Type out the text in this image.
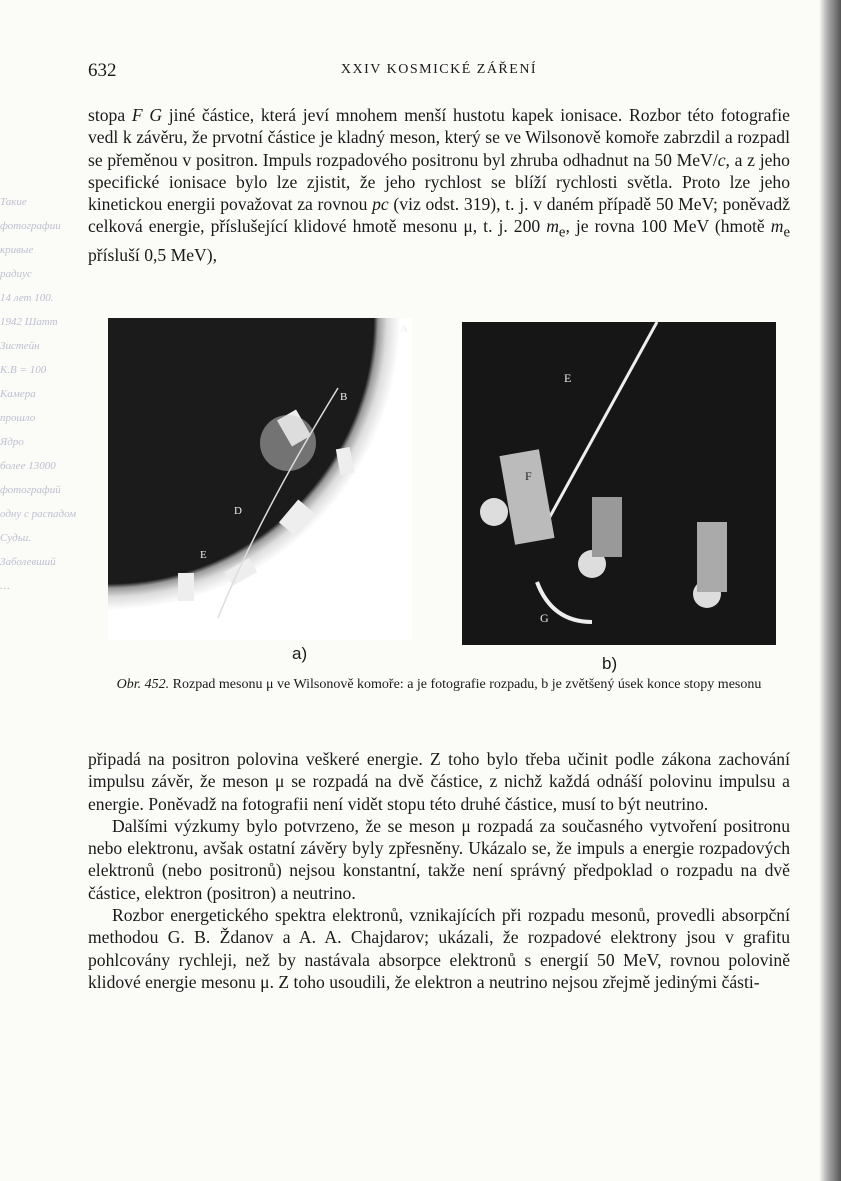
632	XXIV KOSMICKÉ ZÁŘENÍ
Такие
фотографии
кривые
радиус
14 лет 100.
1942 Шатт
Зистейн
К.В = 100
Камера
прошло
Ядро
более 13000
фотографий
одну с распадом
Судьи.
Заболевший
…

stopa F G jiné částice, která jeví mnohem menší hustotu kapek ionisace. Rozbor této fotografie vedl k závěru, že prvotní částice je kladný meson, který se ve Wilsonově komoře zabrzdil a rozpadl se přeměnou v positron. Impuls rozpadového positronu byl zhruba odhadnut na 50 MeV/c, a z jeho specifické ionisace bylo lze zjistit, že jeho rychlost se blíží rychlosti světla. Proto lze jeho kinetickou energii považovat za rovnou pc (viz odst. 319), t. j. v daném případě 50 MeV; poněvadž celková energie, příslušející klidové hmotě mesonu μ, t. j. 200 $m_e$, je rovna 100 MeV (hmotě $m_e$ přísluší 0,5 MeV),

A
B
D
E
E
F
G
a)
b)
Obr. 452. Rozpad mesonu μ ve Wilsonově komoře: a je fotografie rozpadu, b je zvětšený úsek konce stopy mesonu

připadá na positron polovina veškeré energie. Z toho bylo třeba učinit podle zákona zachování impulsu závěr, že meson μ se rozpadá na dvě částice, z nichž každá odnáší polovinu impulsu a energie. Poněvadž na fotografii není vidět stopu této druhé částice, musí to být neutrino.

Dalšími výzkumy bylo potvrzeno, že se meson μ rozpadá za současného vytvoření positronu nebo elektronu, avšak ostatní závěry byly zpřesněny. Ukázalo se, že impuls a energie rozpadových elektronů (nebo positronů) nejsou konstantní, takže není správný předpoklad o rozpadu na dvě částice, elektron (positron) a neutrino.

Rozbor energetického spektra elektronů, vznikajících při rozpadu mesonů, provedli absorpční methodou G. B. Ždanov a A. A. Chajdarov; ukázali, že rozpadové elektrony jsou v grafitu pohlcovány rychleji, než by nastávala absorpce elektronů s energií 50 MeV, rovnou polovině klidové energie mesonu μ. Z toho usoudili, že elektron a neutrino nejsou zřejmě jedinými části-
